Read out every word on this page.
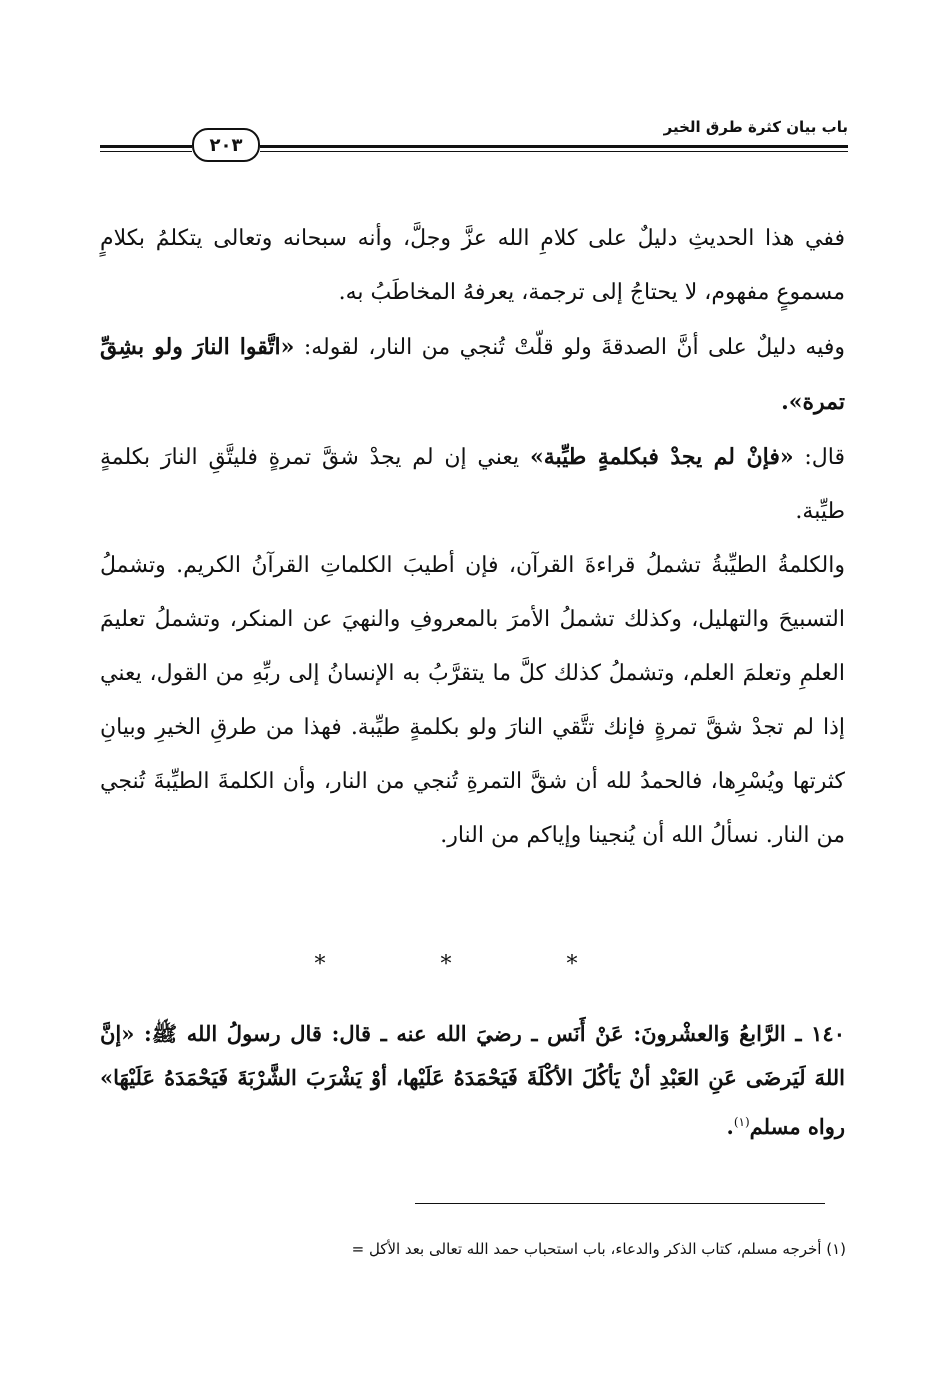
باب بيان كثرة طرق الخير
٢٠٣

ففي هذا الحديثِ دليلٌ على كلامِ الله عزَّ وجلَّ، وأنه سبحانه وتعالى يتكلمُ بكلامٍ مسموعٍ مفهوم، لا يحتاجُ إلى ترجمة، يعرفهُ المخاطَبُ به.

وفيه دليلٌ على أنَّ الصدقةَ ولو قلّتْ تُنجي من النار، لقوله: «اتَّقوا النارَ ولو بشِقِّ تمرة».

قال: «فإنْ لم يجدْ فبكلمةٍ طيِّبة» يعني إن لم يجدْ شقَّ تمرةٍ فليتَّقِ النارَ بكلمةٍ طيِّبة.

والكلمةُ الطيِّبةُ تشملُ قراءةَ القرآن، فإن أطيبَ الكلماتِ القرآنُ الكريم. وتشملُ التسبيحَ والتهليل، وكذلك تشملُ الأمرَ بالمعروفِ والنهيَ عن المنكر، وتشملُ تعليمَ العلمِ وتعلمَ العلم، وتشملُ كذلك كلَّ ما يتقرَّبُ به الإنسانُ إلى ربِّهِ من القول، يعني إذا لم تجدْ شقَّ تمرةٍ فإنك تتَّقي النارَ ولو بكلمةٍ طيِّبة. فهذا من طرقِ الخيرِ وبيانِ كثرتها ويُسْرِها، فالحمدُ لله أن شقَّ التمرةِ تُنجي من النار، وأن الكلمةَ الطيِّبةَ تُنجي من النار. نسألُ الله أن يُنجينا وإياكم من النار.

* * *

١٤٠ ـ الرَّابعُ وَالعشْرونَ: عَنْ أَنَس ـ رضيَ الله عنه ـ قال: قال رسولُ الله ﷺ: «إنَّ اللهَ لَيَرضَى عَنِ العَبْدِ أنْ يَأكُلَ الأكْلَةَ فَيَحْمَدَهُ عَلَيْها، أوْ يَشْرَبَ الشَّرْبَةَ فَيَحْمَدَهُ عَلَيْهَا» رواه مسلم$^{(١)}$.

(١) أخرجه مسلم، كتاب الذكر والدعاء، باب استحباب حمد الله تعالى بعد الأكل =
